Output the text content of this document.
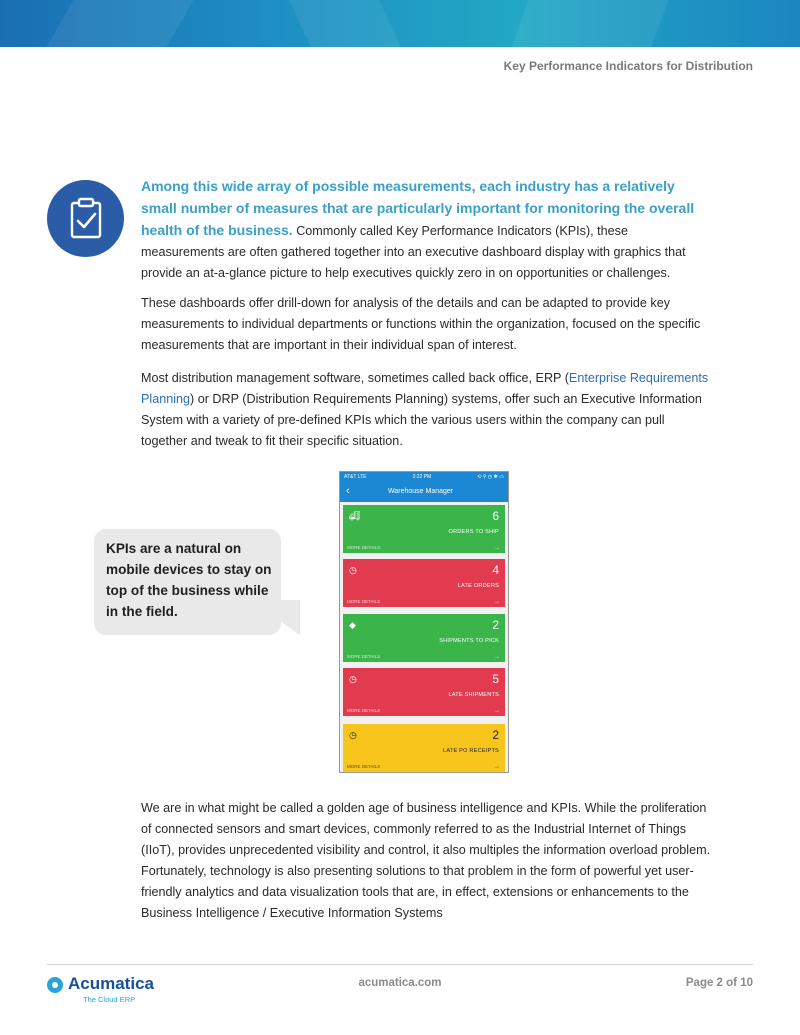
Key Performance Indicators for Distribution
Among this wide array of possible measurements, each industry has a relatively small number of measures that are particularly important for monitoring the overall health of the business. Commonly called Key Performance Indicators (KPIs), these measurements are often gathered together into an executive dashboard display with graphics that provide an at-a-glance picture to help executives quickly zero in on opportunities or challenges.
These dashboards offer drill-down for analysis of the details and can be adapted to provide key measurements to individual departments or functions within the organization, focused on the specific measurements that are important in their individual span of interest.
Most distribution management software, sometimes called back office, ERP (Enterprise Requirements Planning) or DRP (Distribution Requirements Planning) systems, offer such an Executive Information System with a variety of pre-defined KPIs which the various users within the company can pull together and tweak to fit their specific situation.
KPIs are a natural on mobile devices to stay on top of the business while in the field.
AT&T LTE	2:22 PM	⟲ ⚲ ◷ ✱ ▭
‹	Warehouse Manager
🚚︎	6
ORDERS TO SHIP
MORE DETAILS	→
◷	4
LATE ORDERS
MORE DETAILS	→
◆	2
SHIPMENTS TO PICK
MORE DETAILS	→
◷	5
LATE SHIPMENTS
MORE DETAILS	→
◷	2
LATE PO RECEIPTS
MORE DETAILS	→
We are in what might be called a golden age of business intelligence and KPIs. While the proliferation of connected sensors and smart devices, commonly referred to as the Industrial Internet of Things (IIoT), provides unprecedented visibility and control, it also multiples the information overload problem. Fortunately, technology is also presenting solutions to that problem in the form of powerful yet user-friendly analytics and data visualization tools that are, in effect, extensions or enhancements to the Business Intelligence / Executive Information Systems
Acumatica
The Cloud ERP
acumatica.com	Page 2 of 10
